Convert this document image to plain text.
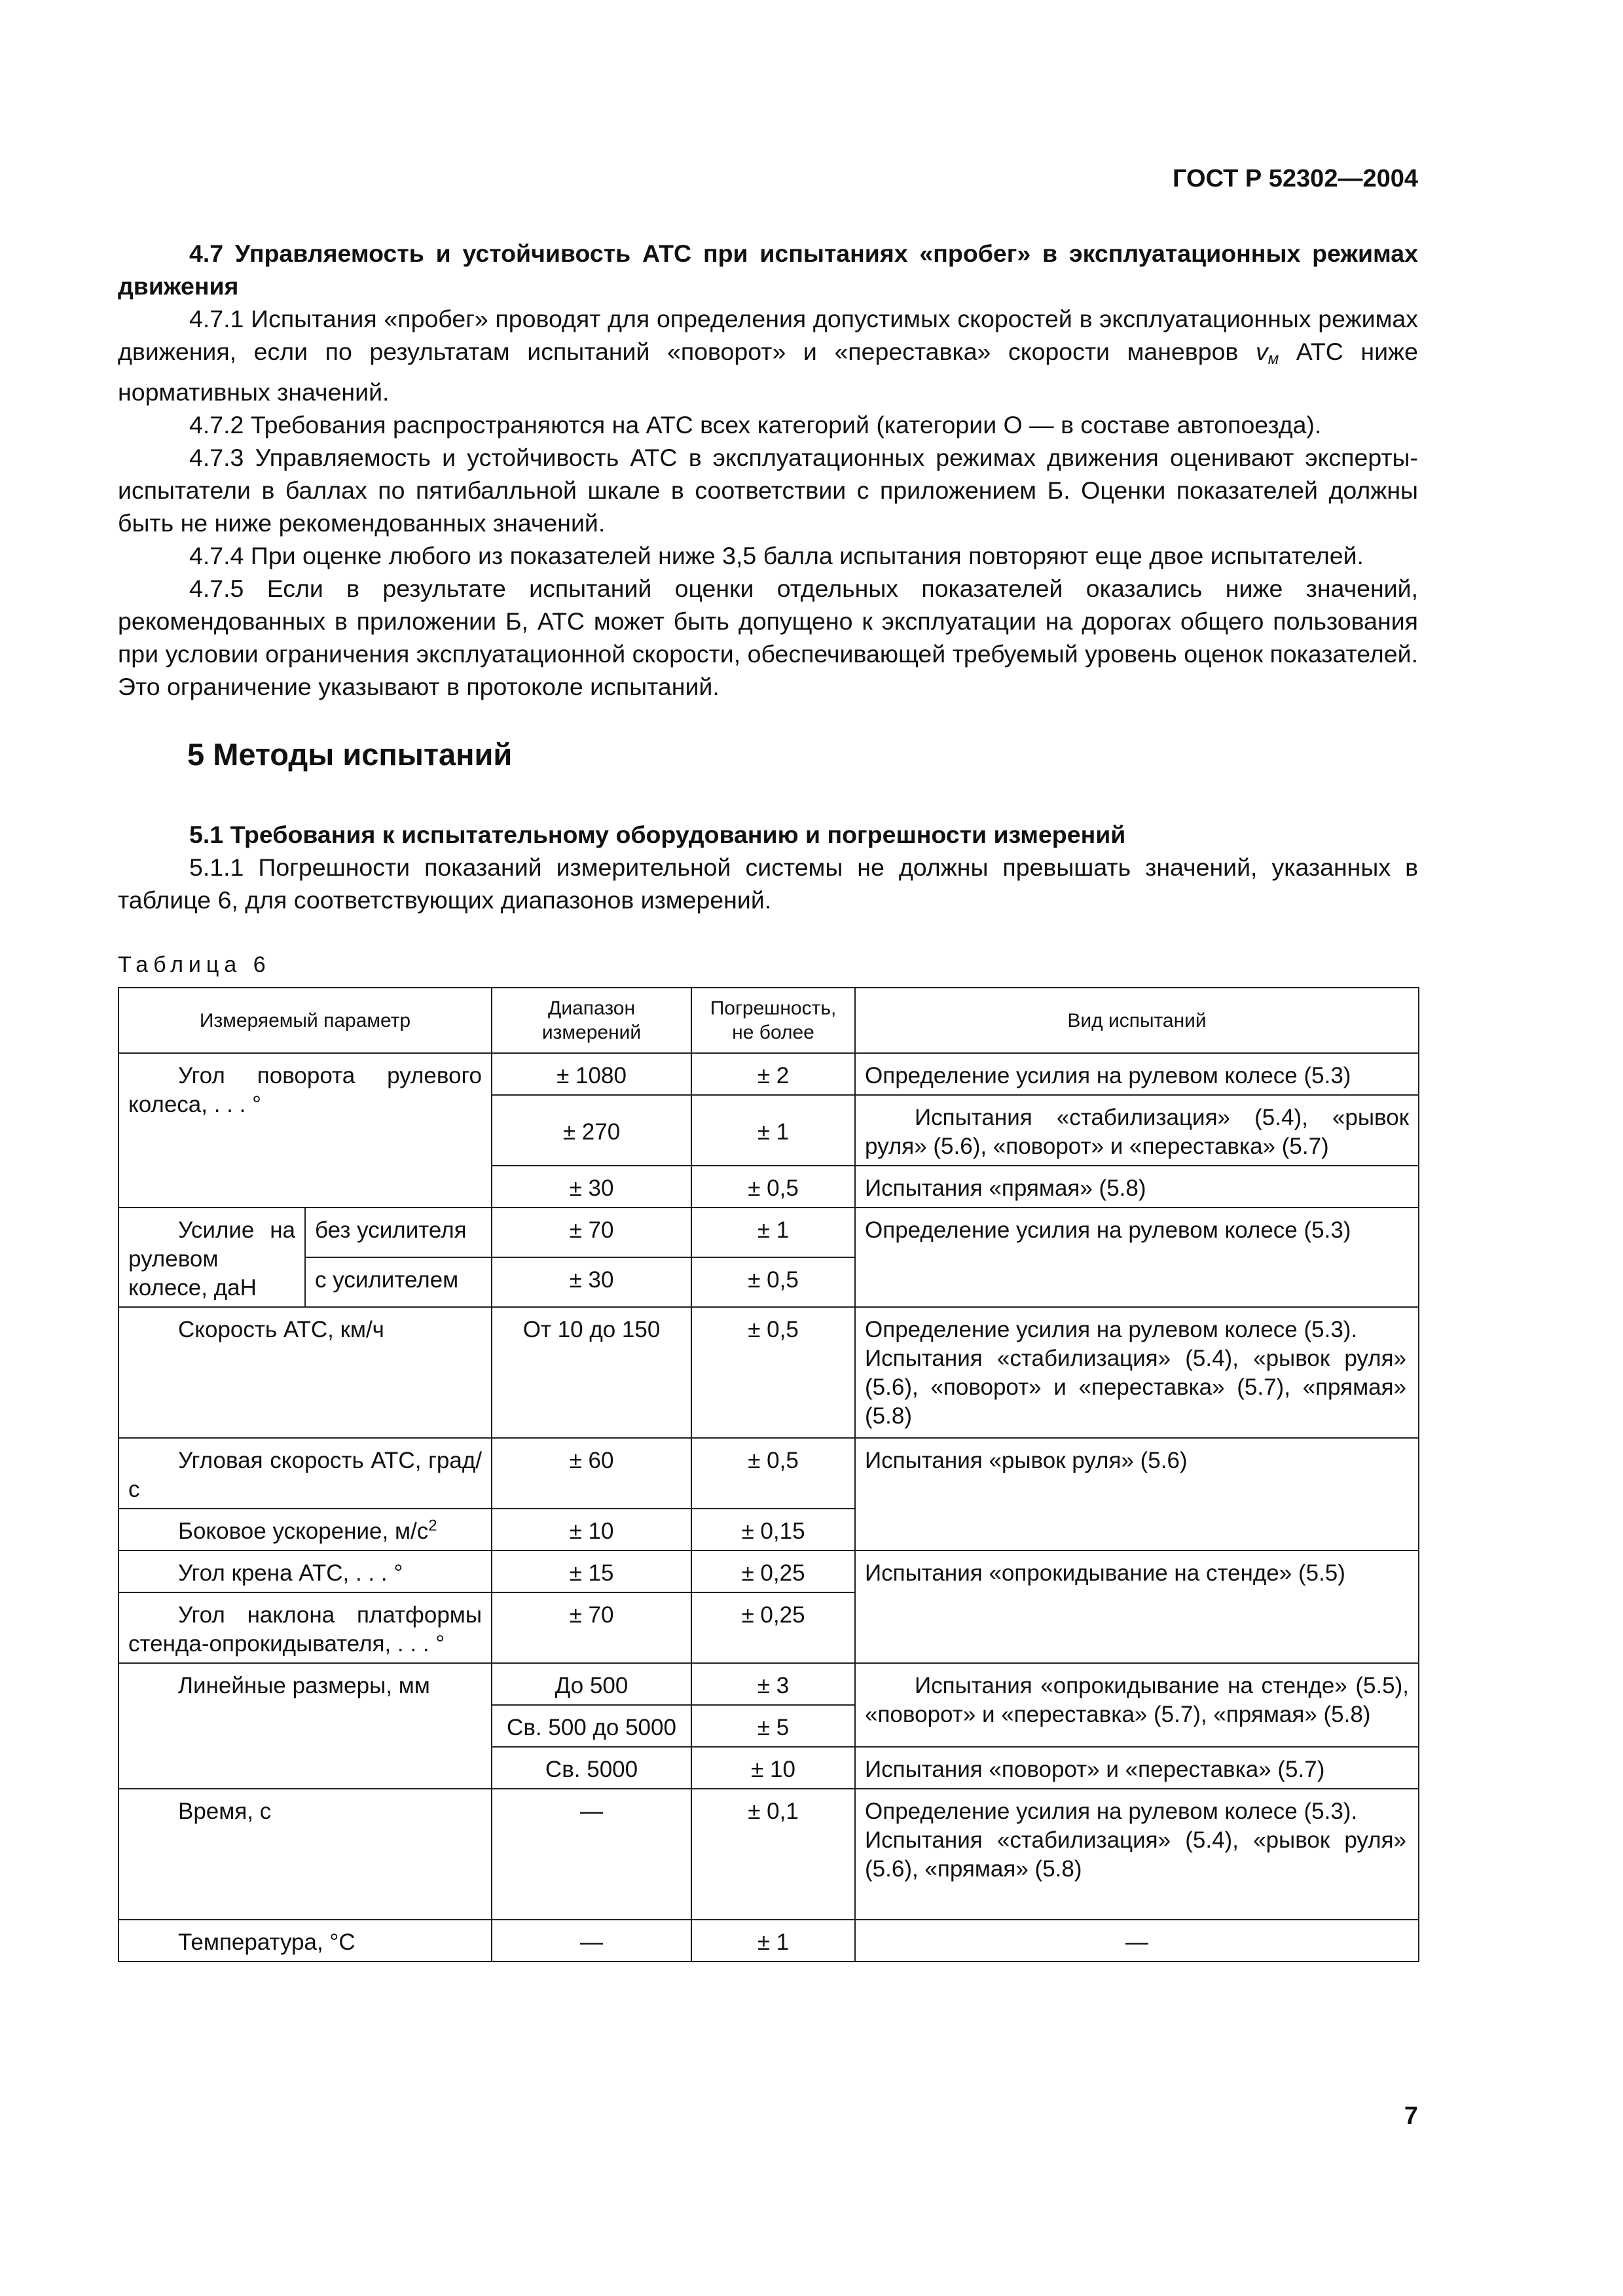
ГОСТ Р 52302—2004

4.7 Управляемость и устойчивость АТС при испытаниях «пробег» в эксплуатационных режимах движения

4.7.1 Испытания «пробег» проводят для определения допустимых скоростей в эксплуатационных режимах движения, если по результатам испытаний «поворот» и «переставка» скорости маневров $v_м$ АТС ниже нормативных значений.

4.7.2 Требования распространяются на АТС всех категорий (категории О — в составе автопоезда).

4.7.3 Управляемость и устойчивость АТС в эксплуатационных режимах движения оценивают эксперты-испытатели в баллах по пятибалльной шкале в соответствии с приложением Б. Оценки показателей должны быть не ниже рекомендованных значений.

4.7.4 При оценке любого из показателей ниже 3,5 балла испытания повторяют еще двое испытателей.

4.7.5 Если в результате испытаний оценки отдельных показателей оказались ниже значений, рекомендованных в приложении Б, АТС может быть допущено к эксплуатации на дорогах общего пользования при условии ограничения эксплуатационной скорости, обеспечивающей требуемый уровень оценок показателей. Это ограничение указывают в протоколе испытаний.

5 Методы испытаний

5.1 Требования к испытательному оборудованию и погрешности измерений

5.1.1 Погрешности показаний измерительной системы не должны превышать значений, указанных в таблице 6, для соответствующих диапазонов измерений.

Таблица 6
Измеряемый параметр		Диапазон измерений	Погрешность, не более	Вид испытаний
Угол поворота рулевого колеса, . . . °		± 1080	± 2	Определение усилия на рулевом колесе (5.3)
		± 270	± 1	Испытания «стабилизация» (5.4), «рывок руля» (5.6), «поворот» и «переставка» (5.7)
		± 30	± 0,5	Испытания «прямая» (5.8)
Усилие на рулевом колесе, даН	без усилителя	± 70	± 1	Определение усилия на рулевом колесе (5.3)
	с усилителем	± 30	± 0,5	
Скорость АТС, км/ч		От 10 до 150	± 0,5	Определение усилия на рулевом колесе (5.3).
Испытания «стабилизация» (5.4), «рывок руля» (5.6), «поворот» и «переставка» (5.7), «прямая» (5.8)

Угловая скорость АТС, град/с		± 60	± 0,5	Испытания «рывок руля» (5.6)
Боковое ускорение, $м/с^2$		± 10	± 0,15	
Угол крена АТС, . . . °		± 15	± 0,25	Испытания «опрокидывание на стенде» (5.5)
Угол наклона платформы стенда-опрокидывателя, . . . °		± 70	± 0,25	
Линейные размеры, мм		До 500	± 3	Испытания «опрокидывание на стенде» (5.5), «поворот» и «переставка» (5.7), «прямая» (5.8)
		Св. 500 до 5000	± 5	
		Св. 5000	± 10	Испытания «поворот» и «переставка» (5.7)
Время, с		—	± 0,1	Определение усилия на рулевом колесе (5.3).
Испытания «стабилизация» (5.4), «рывок руля» (5.6), «прямая» (5.8)

Температура, °C		—	± 1	—
7
